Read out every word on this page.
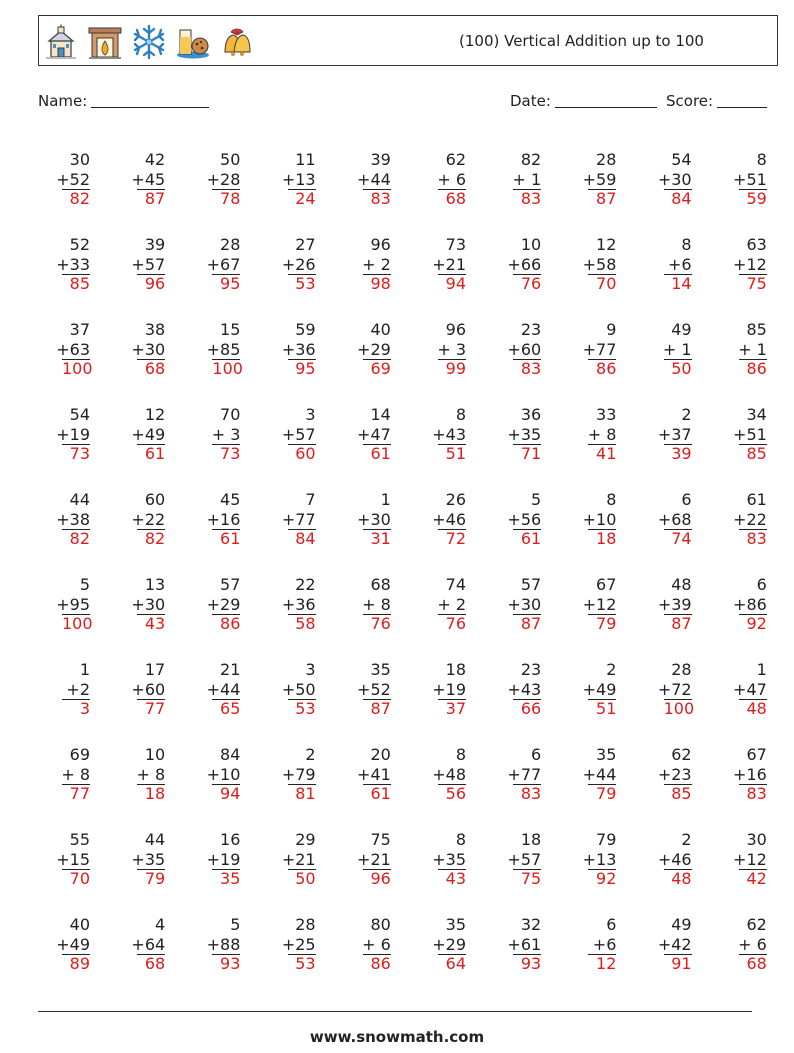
(100) Vertical Addition up to 100
Name:	Date:	Score:
30
+52
82
42
+45
87
50
+28
78
11
+13
24
39
+44
83
62
+ 6
68
82
+ 1
83
28
+59
87
54
+30
84
8
+51
59
52
+33
85
39
+57
96
28
+67
95
27
+26
53
96
+ 2
98
73
+21
94
10
+66
76
12
+58
70
8
+6
14
63
+12
75
37
+63
100
38
+30
68
15
+85
100
59
+36
95
40
+29
69
96
+ 3
99
23
+60
83
9
+77
86
49
+ 1
50
85
+ 1
86
54
+19
73
12
+49
61
70
+ 3
73
3
+57
60
14
+47
61
8
+43
51
36
+35
71
33
+ 8
41
2
+37
39
34
+51
85
44
+38
82
60
+22
82
45
+16
61
7
+77
84
1
+30
31
26
+46
72
5
+56
61
8
+10
18
6
+68
74
61
+22
83
5
+95
100
13
+30
43
57
+29
86
22
+36
58
68
+ 8
76
74
+ 2
76
57
+30
87
67
+12
79
48
+39
87
6
+86
92
1
+2
3
17
+60
77
21
+44
65
3
+50
53
35
+52
87
18
+19
37
23
+43
66
2
+49
51
28
+72
100
1
+47
48
69
+ 8
77
10
+ 8
18
84
+10
94
2
+79
81
20
+41
61
8
+48
56
6
+77
83
35
+44
79
62
+23
85
67
+16
83
55
+15
70
44
+35
79
16
+19
35
29
+21
50
75
+21
96
8
+35
43
18
+57
75
79
+13
92
2
+46
48
30
+12
42
40
+49
89
4
+64
68
5
+88
93
28
+25
53
80
+ 6
86
35
+29
64
32
+61
93
6
+6
12
49
+42
91
62
+ 6
68
www.snowmath.com
